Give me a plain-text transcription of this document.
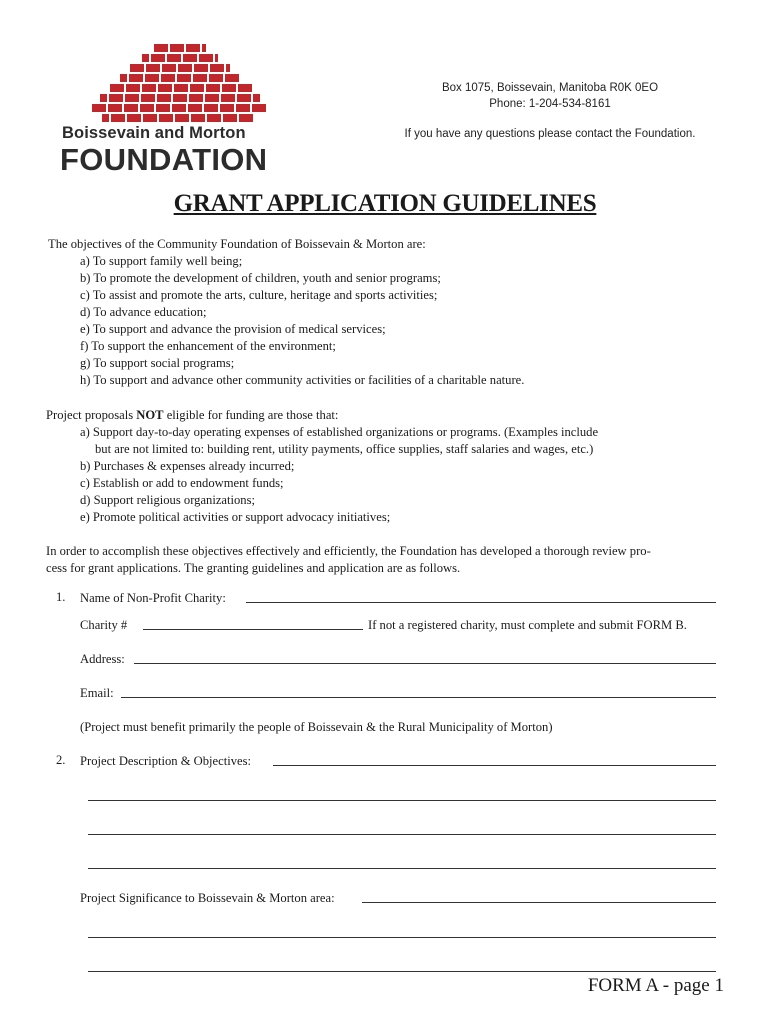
Boissevain and Morton
FOUNDATION
Box 1075, Boissevain, Manitoba R0K 0EO
Phone: 1-204-534-8161
If you have any questions please contact the Foundation.
GRANT APPLICATION GUIDELINES
The objectives of the Community Foundation of Boissevain & Morton are:
a) To support family well being;
b) To promote the development of children, youth and senior programs;
c) To assist and promote the arts, culture, heritage and sports activities;
d) To advance education;
e) To support and advance the provision of medical services;
f) To support the enhancement of the environment;
g) To support social programs;
h) To support and advance other community activities or facilities of a charitable nature.
Project proposals NOT eligible for funding are those that:
a) Support day-to-day operating expenses of established organizations or programs. (Examples include
but are not limited to: building rent, utility payments, office supplies, staff salaries and wages, etc.)
b) Purchases & expenses already incurred;
c) Establish or add to endowment funds;
d) Support religious organizations;
e) Promote political activities or support advocacy initiatives;
In order to accomplish these objectives effectively and efficiently, the Foundation has developed a thorough review pro-
cess for grant applications. The granting guidelines and application are as follows.
1. Name of Non-Profit Charity:
Charity #	If not a registered charity, must complete and submit FORM B.
Address:
Email:
(Project must benefit primarily the people of Boissevain & the Rural Municipality of Morton)
2. Project Description & Objectives:
Project Significance to Boissevain & Morton area:
FORM A - page 1
